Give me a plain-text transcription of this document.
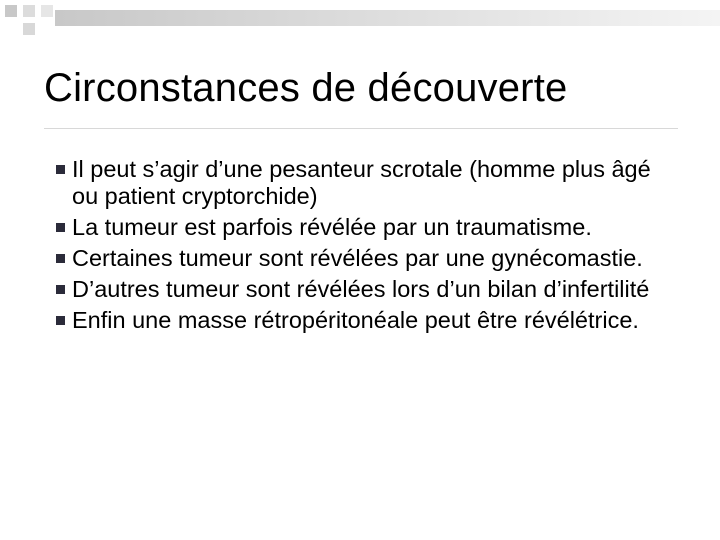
Circonstances de découverte
Il peut s’agir d’une pesanteur scrotale (homme plus âgé ou patient cryptorchide)
La tumeur est parfois révélée par un traumatisme.
Certaines tumeur sont révélées par une gynécomastie.
D’autres tumeur sont révélées lors d’un bilan d’infertilité
Enfin une masse rétropéritonéale peut être révélétrice.
